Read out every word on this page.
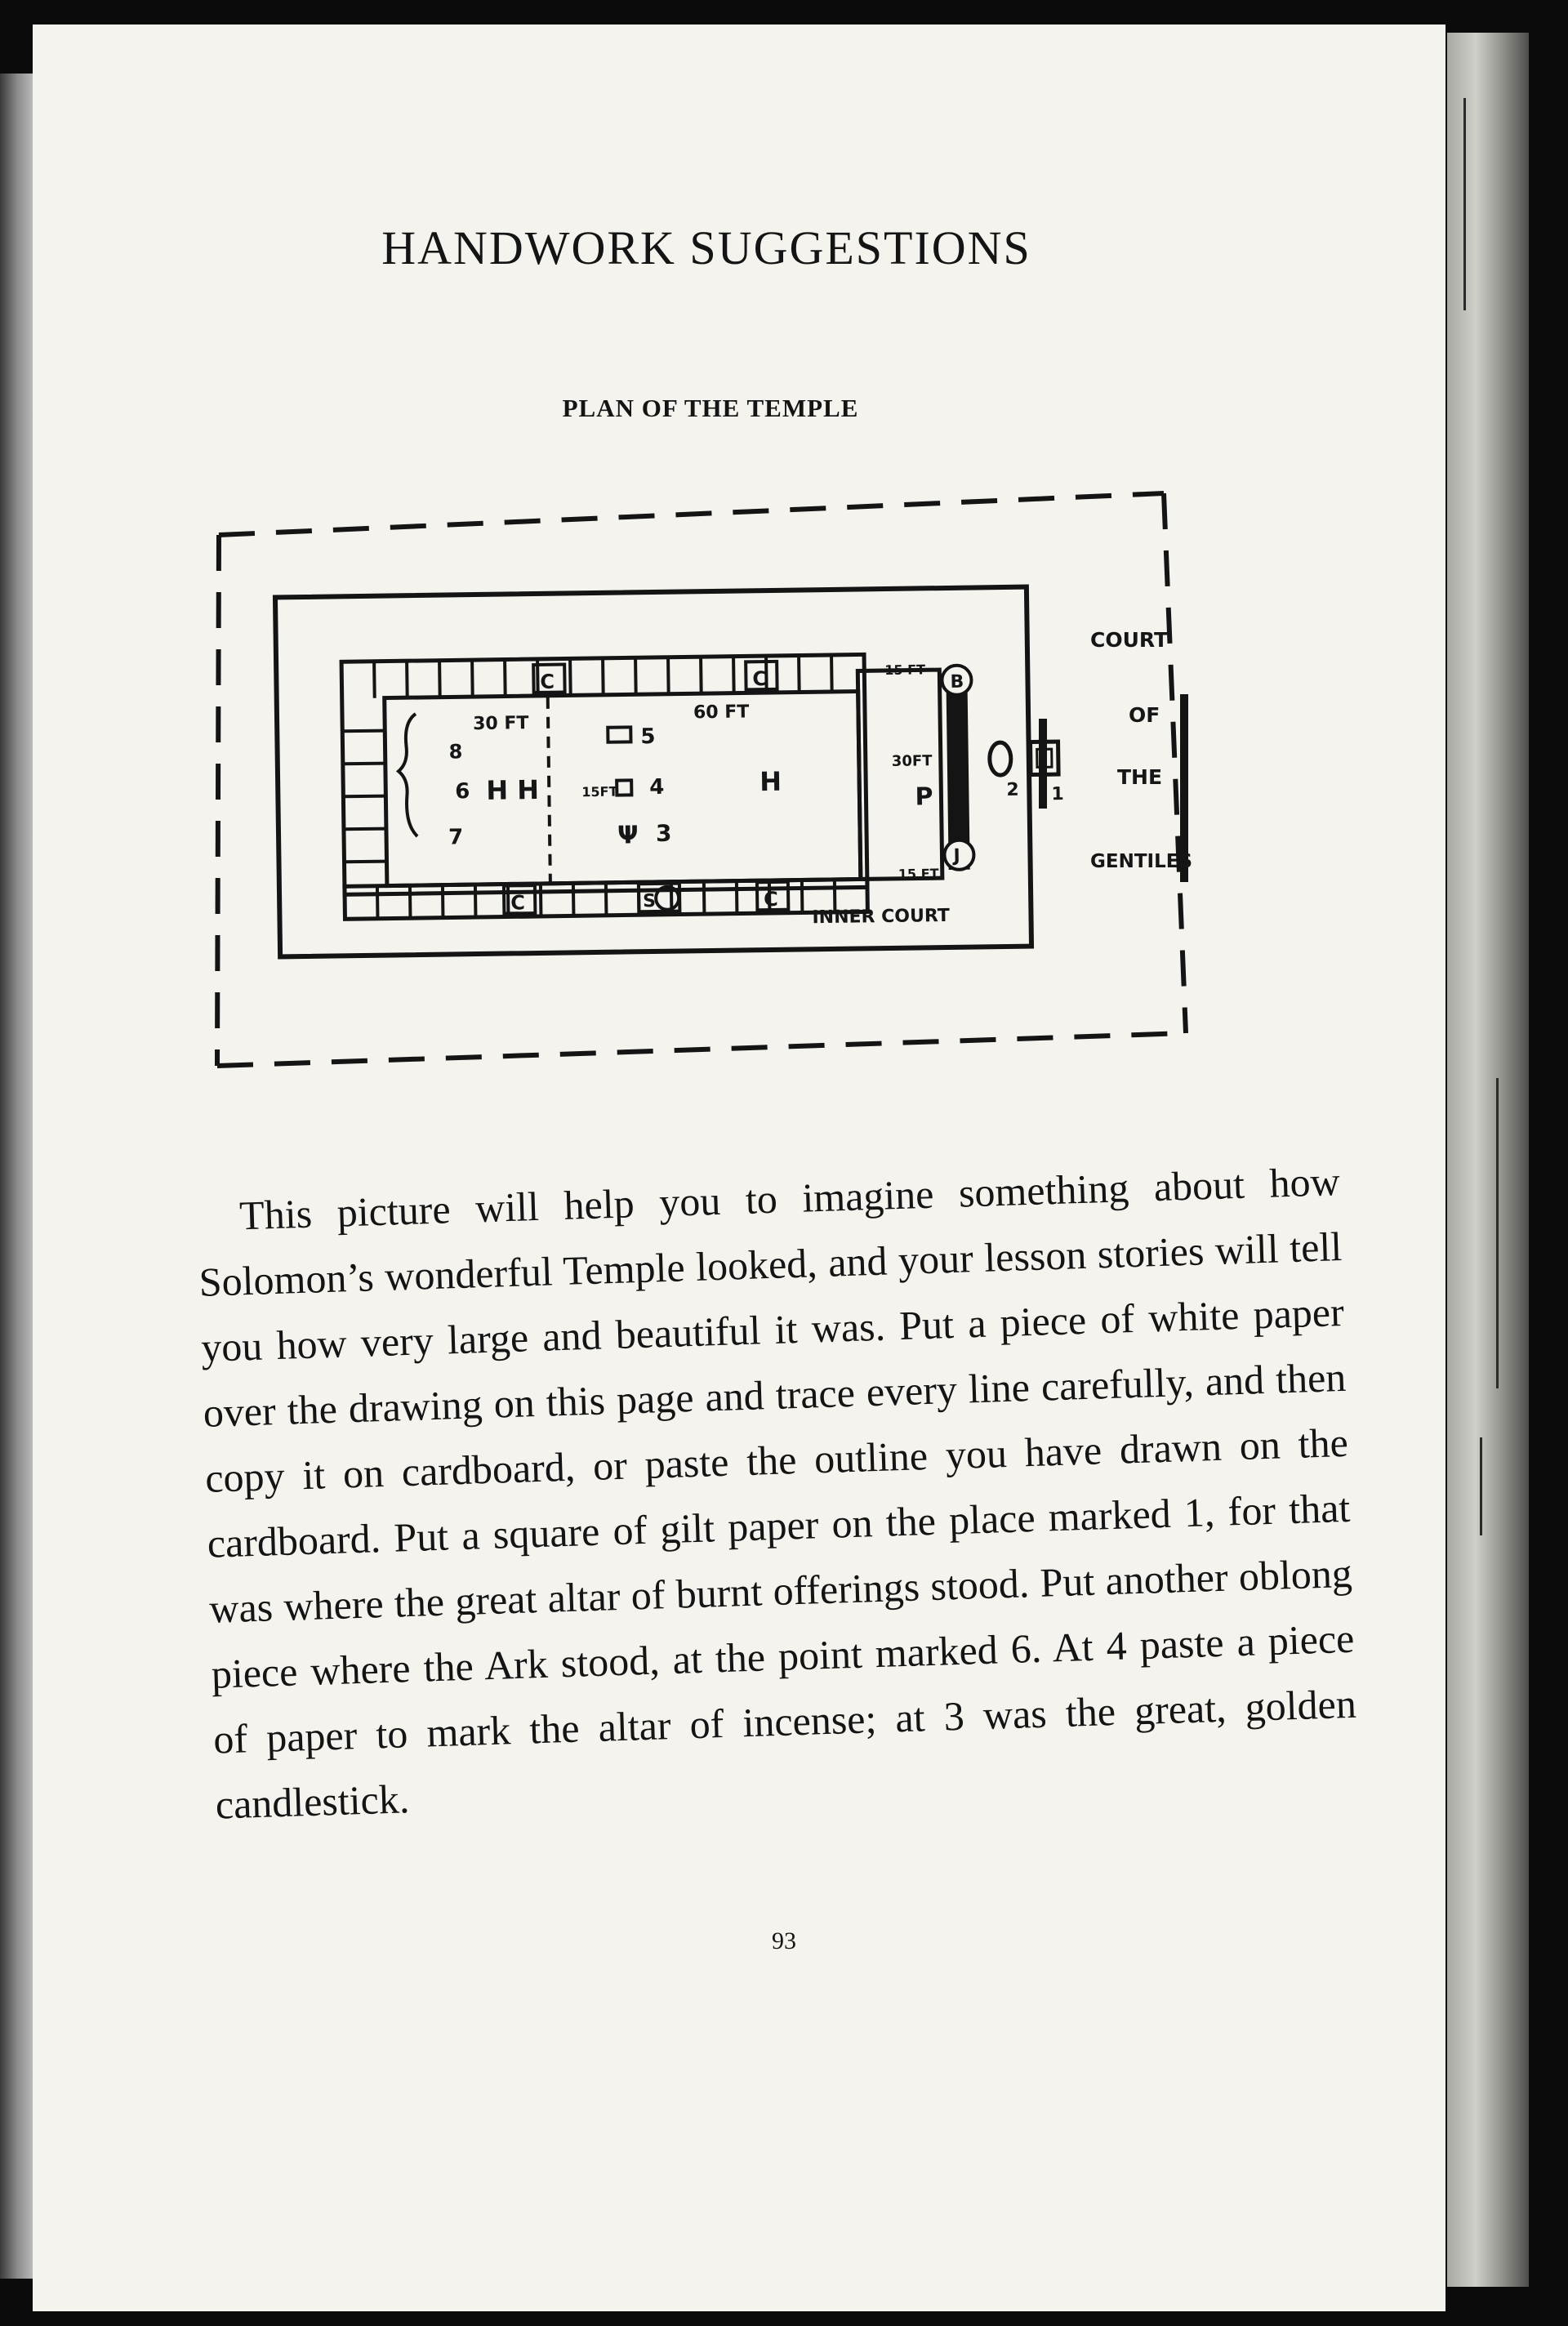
HANDWORK SUGGESTIONS
PLAN OF THE TEMPLE
C	C
C	C
S
30 FT
60 FT
15 FT
15 FT
15FT
30FT
H H	H	P
B
J
1
2
3
4
5
6
7
8
Ψ
INNER COURT
COURT
OF
THE
GENTILES

This picture will help you to imagine something about how Solomon’s wonderful Temple looked, and your lesson stories will tell you how very large and beautiful it was. Put a piece of white paper over the drawing on this page and trace every line carefully, and then copy it on cardboard, or paste the outline you have drawn on the cardboard. Put a square of gilt paper on the place marked 1, for that was where the great altar of burnt offerings stood. Put another oblong piece where the Ark stood, at the point marked 6. At 4 paste a piece of paper to mark the altar of incense; at 3 was the great, golden candlestick.

93
